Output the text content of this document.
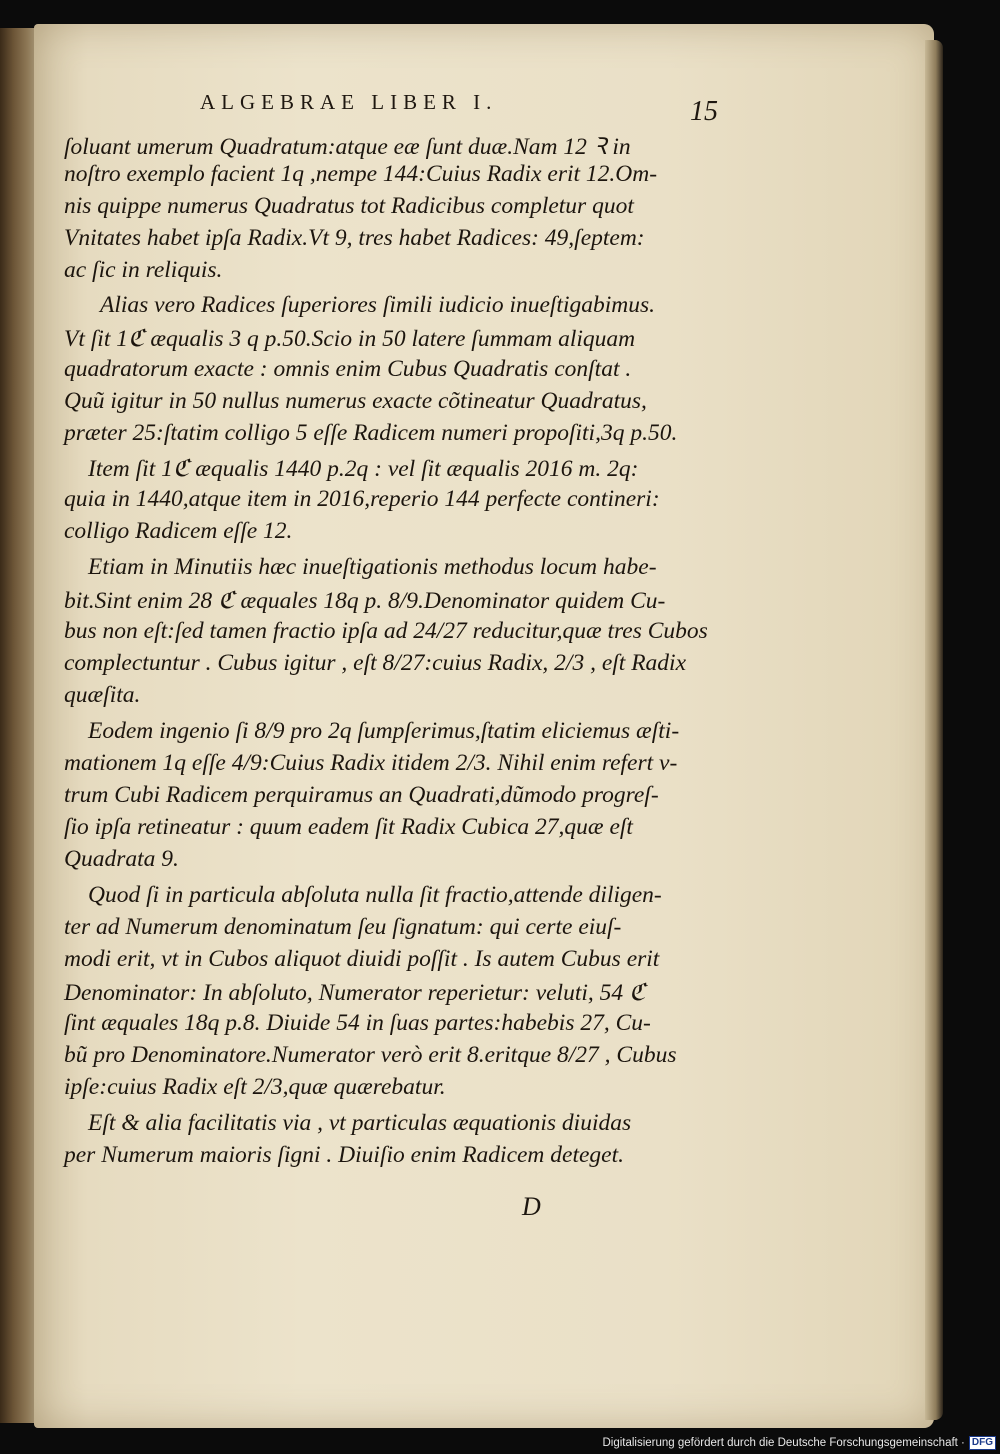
ALGEBRAE LIBER I.	15
ſoluant umerum Quadratum:atque eæ ſunt duæ.Nam 12 Ꝛ in
noſtro exemplo facient 1q ,nempe 144:Cuius Radix erit 12.Om-
nis quippe numerus Quadratus tot Radicibus completur quot
Vnitates habet ipſa Radix.Vt 9, tres habet Radices: 49,ſeptem:
ac ſic in reliquis.
Alias vero Radices ſuperiores ſimili iudicio inueſtigabimus.
Vt ſit 1ℭ æqualis 3 q p.50.Scio in 50 latere ſummam aliquam
quadratorum exacte : omnis enim Cubus Quadratis conſtat .
Quũ igitur in 50 nullus numerus exacte cõtineatur Quadratus,
præter 25:ſtatim colligo 5 eſſe Radicem numeri propoſiti,3q p.50.
Item ſit 1ℭ æqualis 1440 p.2q : vel ſit æqualis 2016 m. 2q:
quia in 1440,atque item in 2016,reperio 144 perfecte contineri:
colligo Radicem eſſe 12.
Etiam in Minutiis hæc inueſtigationis methodus locum habe-
bit.Sint enim 28 ℭ æquales 18q p. 8/9.Denominator quidem Cu-
bus non eſt:ſed tamen fractio ipſa ad 24/27 reducitur,quæ tres Cubos
complectuntur . Cubus igitur , eſt 8/27:cuius Radix, 2/3 , eſt Radix
quæſita.
Eodem ingenio ſi 8/9 pro 2q ſumpſerimus,ſtatim eliciemus æſti-
mationem 1q eſſe 4/9:Cuius Radix itidem 2/3. Nihil enim refert v-
trum Cubi Radicem perquiramus an Quadrati,dũmodo progreſ-
ſio ipſa retineatur : quum eadem ſit Radix Cubica 27,quæ eſt
Quadrata 9.
Quod ſi in particula abſoluta nulla ſit fractio,attende diligen-
ter ad Numerum denominatum ſeu ſignatum: qui certe eiuſ-
modi erit, vt in Cubos aliquot diuidi poſſit . Is autem Cubus erit
Denominator: In abſoluto, Numerator reperietur: veluti, 54 ℭ
ſint æquales 18q p.8. Diuide 54 in ſuas partes:habebis 27, Cu-
bũ pro Denominatore.Numerator verò erit 8.eritque 8/27 , Cubus
ipſe:cuius Radix eſt 2/3,quæ quærebatur.
Eſt & alia facilitatis via , vt particulas æquationis diuidas
per Numerum maioris ſigni . Diuiſio enim Radicem deteget.
D
Digitalisierung gefördert durch die Deutsche Forschungsgemeinschaft · DFG
